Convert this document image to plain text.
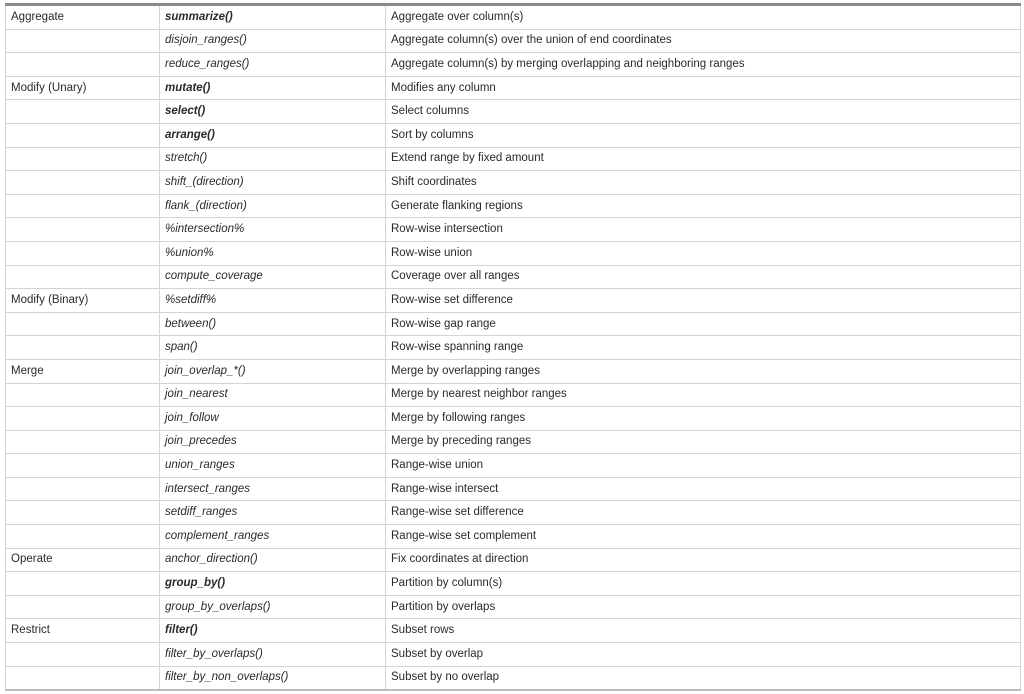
Aggregate	summarize()	Aggregate over column(s)
	disjoin_ranges()	Aggregate column(s) over the union of end coordinates
	reduce_ranges()	Aggregate column(s) by merging overlapping and neighboring ranges
Modify (Unary)	mutate()	Modifies any column
	select()	Select columns
	arrange()	Sort by columns
	stretch()	Extend range by fixed amount
	shift_(direction)	Shift coordinates
	flank_(direction)	Generate flanking regions
	%intersection%	Row-wise intersection
	%union%	Row-wise union
	compute_coverage	Coverage over all ranges
Modify (Binary)	%setdiff%	Row-wise set difference
	between()	Row-wise gap range
	span()	Row-wise spanning range
Merge	join_overlap_*()	Merge by overlapping ranges
	join_nearest	Merge by nearest neighbor ranges
	join_follow	Merge by following ranges
	join_precedes	Merge by preceding ranges
	union_ranges	Range-wise union
	intersect_ranges	Range-wise intersect
	setdiff_ranges	Range-wise set difference
	complement_ranges	Range-wise set complement
Operate	anchor_direction()	Fix coordinates at direction
	group_by()	Partition by column(s)
	group_by_overlaps()	Partition by overlaps
Restrict	filter()	Subset rows
	filter_by_overlaps()	Subset by overlap
	filter_by_non_overlaps()	Subset by no overlap
